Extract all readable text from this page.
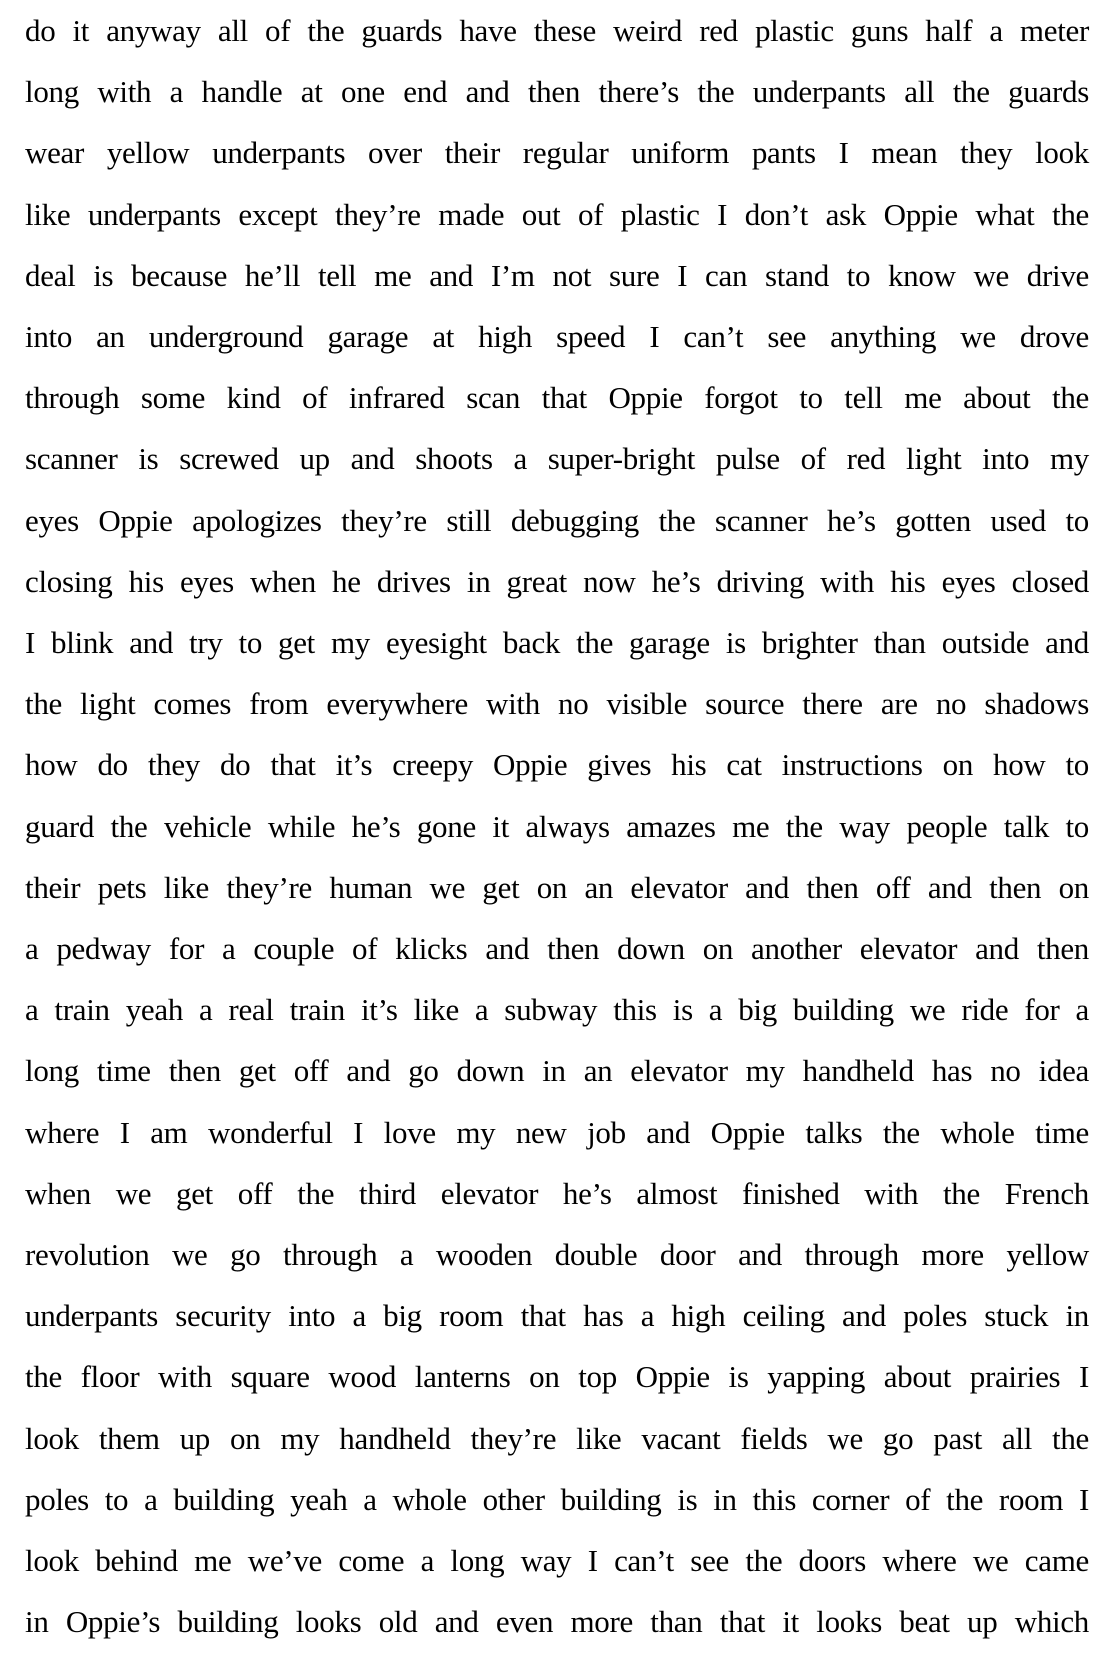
do it anyway all of the guards have these weird red plastic guns half a meter
long with a handle at one end and then there’s the underpants all the guards
wear yellow underpants over their regular uniform pants I mean they look
like underpants except they’re made out of plastic I don’t ask Oppie what the
deal is because he’ll tell me and I’m not sure I can stand to know we drive
into an underground garage at high speed I can’t see anything we drove
through some kind of infrared scan that Oppie forgot to tell me about the
scanner is screwed up and shoots a super-bright pulse of red light into my
eyes Oppie apologizes they’re still debugging the scanner he’s gotten used to
closing his eyes when he drives in great now he’s driving with his eyes closed
I blink and try to get my eyesight back the garage is brighter than outside and
the light comes from everywhere with no visible source there are no shadows
how do they do that it’s creepy Oppie gives his cat instructions on how to
guard the vehicle while he’s gone it always amazes me the way people talk to
their pets like they’re human we get on an elevator and then off and then on
a pedway for a couple of klicks and then down on another elevator and then
a train yeah a real train it’s like a subway this is a big building we ride for a
long time then get off and go down in an elevator my handheld has no idea
where I am wonderful I love my new job and Oppie talks the whole time
when we get off the third elevator he’s almost finished with the French
revolution we go through a wooden double door and through more yellow
underpants security into a big room that has a high ceiling and poles stuck in
the floor with square wood lanterns on top Oppie is yapping about prairies I
look them up on my handheld they’re like vacant fields we go past all the
poles to a building yeah a whole other building is in this corner of the room I
look behind me we’ve come a long way I can’t see the doors where we came
in Oppie’s building looks old and even more than that it looks beat up which
